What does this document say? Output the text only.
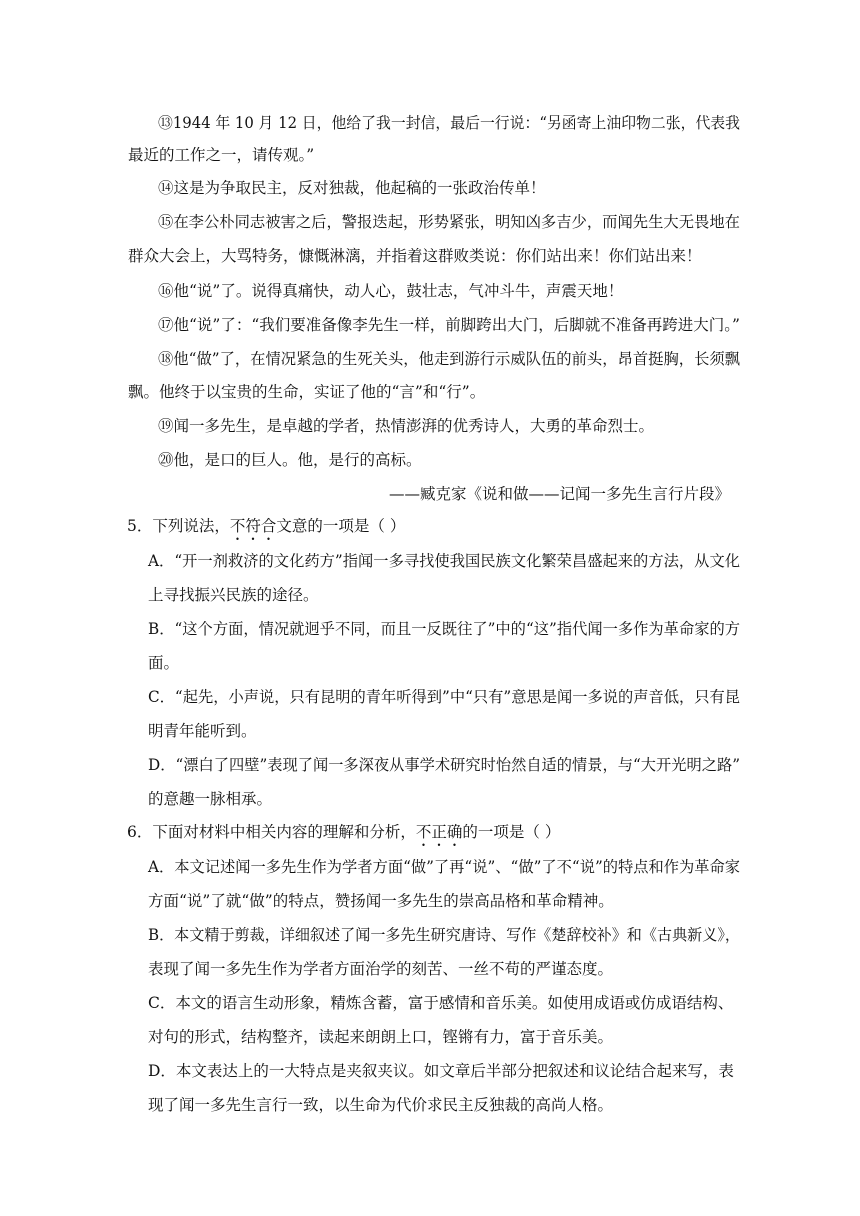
⑬1944 年 10 月 12 日，他给了我一封信，最后一行说：“另函寄上油印物二张，代表我
最近的工作之一，请传观。”
⑭这是为争取民主，反对独裁，他起稿的一张政治传单！
⑮在李公朴同志被害之后，警报迭起，形势紧张，明知凶多吉少，而闻先生大无畏地在
群众大会上，大骂特务，慷慨淋漓，并指着这群败类说：你们站出来！你们站出来！
⑯他“说”了。说得真痛快，动人心，鼓壮志，气冲斗牛，声震天地！
⑰他“说”了：“我们要准备像李先生一样，前脚跨出大门，后脚就不准备再跨进大门。”
⑱他“做”了，在情况紧急的生死关头，他走到游行示威队伍的前头，昂首挺胸，长须飘
飘。他终于以宝贵的生命，实证了他的“言”和“行”。
⑲闻一多先生，是卓越的学者，热情澎湃的优秀诗人，大勇的革命烈士。
⑳他，是口的巨人。他，是行的高标。
——臧克家《说和做——记闻一多先生言行片段》
5．下列说法，不符合文意的一项是（ ）
A．“开一剂救济的文化药方”指闻一多寻找使我国民族文化繁荣昌盛起来的方法，从文化
上寻找振兴民族的途径。
B．“这个方面，情况就迥乎不同，而且一反既往了”中的“这”指代闻一多作为革命家的方
面。
C．“起先，小声说，只有昆明的青年听得到”中“只有”意思是闻一多说的声音低，只有昆
明青年能听到。
D．“漂白了四壁”表现了闻一多深夜从事学术研究时怡然自适的情景，与“大开光明之路”
的意趣一脉相承。
6．下面对材料中相关内容的理解和分析，不正确的一项是（ ）
A．本文记述闻一多先生作为学者方面“做”了再“说”、“做”了不“说”的特点和作为革命家
方面“说”了就“做”的特点，赞扬闻一多先生的崇高品格和革命精神。
B．本文精于剪裁，详细叙述了闻一多先生研究唐诗、写作《楚辞校补》和《古典新义》，
表现了闻一多先生作为学者方面治学的刻苦、一丝不苟的严谨态度。
C．本文的语言生动形象，精炼含蓄，富于感情和音乐美。如使用成语或仿成语结构、
对句的形式，结构整齐，读起来朗朗上口，铿锵有力，富于音乐美。
D．本文表达上的一大特点是夹叙夹议。如文章后半部分把叙述和议论结合起来写，表
现了闻一多先生言行一致，以生命为代价求民主反独裁的高尚人格。
